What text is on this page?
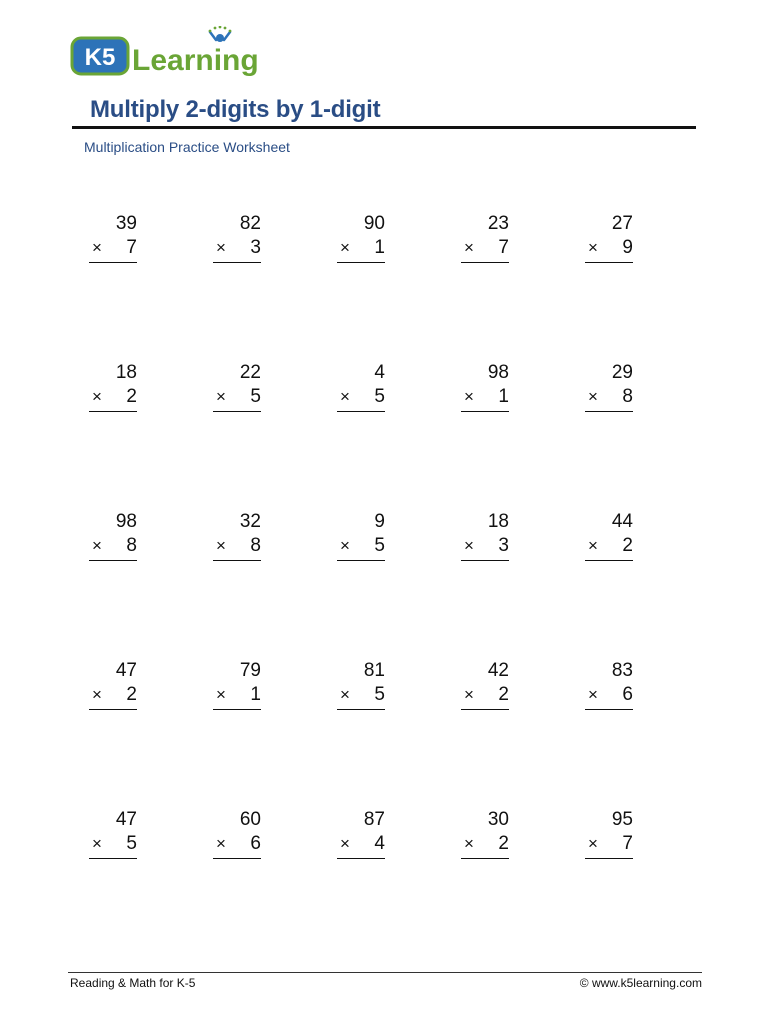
K5 Learning
Multiply 2-digits by 1-digit
Multiplication Practice Worksheet
39
× 7
82
× 3
90
× 1
23
× 7
27
× 9
18
× 2
22
× 5
4
× 5
98
× 1
29
× 8
98
× 8
32
× 8
9
× 5
18
× 3
44
× 2
47
× 2
79
× 1
81
× 5
42
× 2
83
× 6
47
× 5
60
× 6
87
× 4
30
× 2
95
× 7
Reading & Math for K-5	© www.k5learning.com
